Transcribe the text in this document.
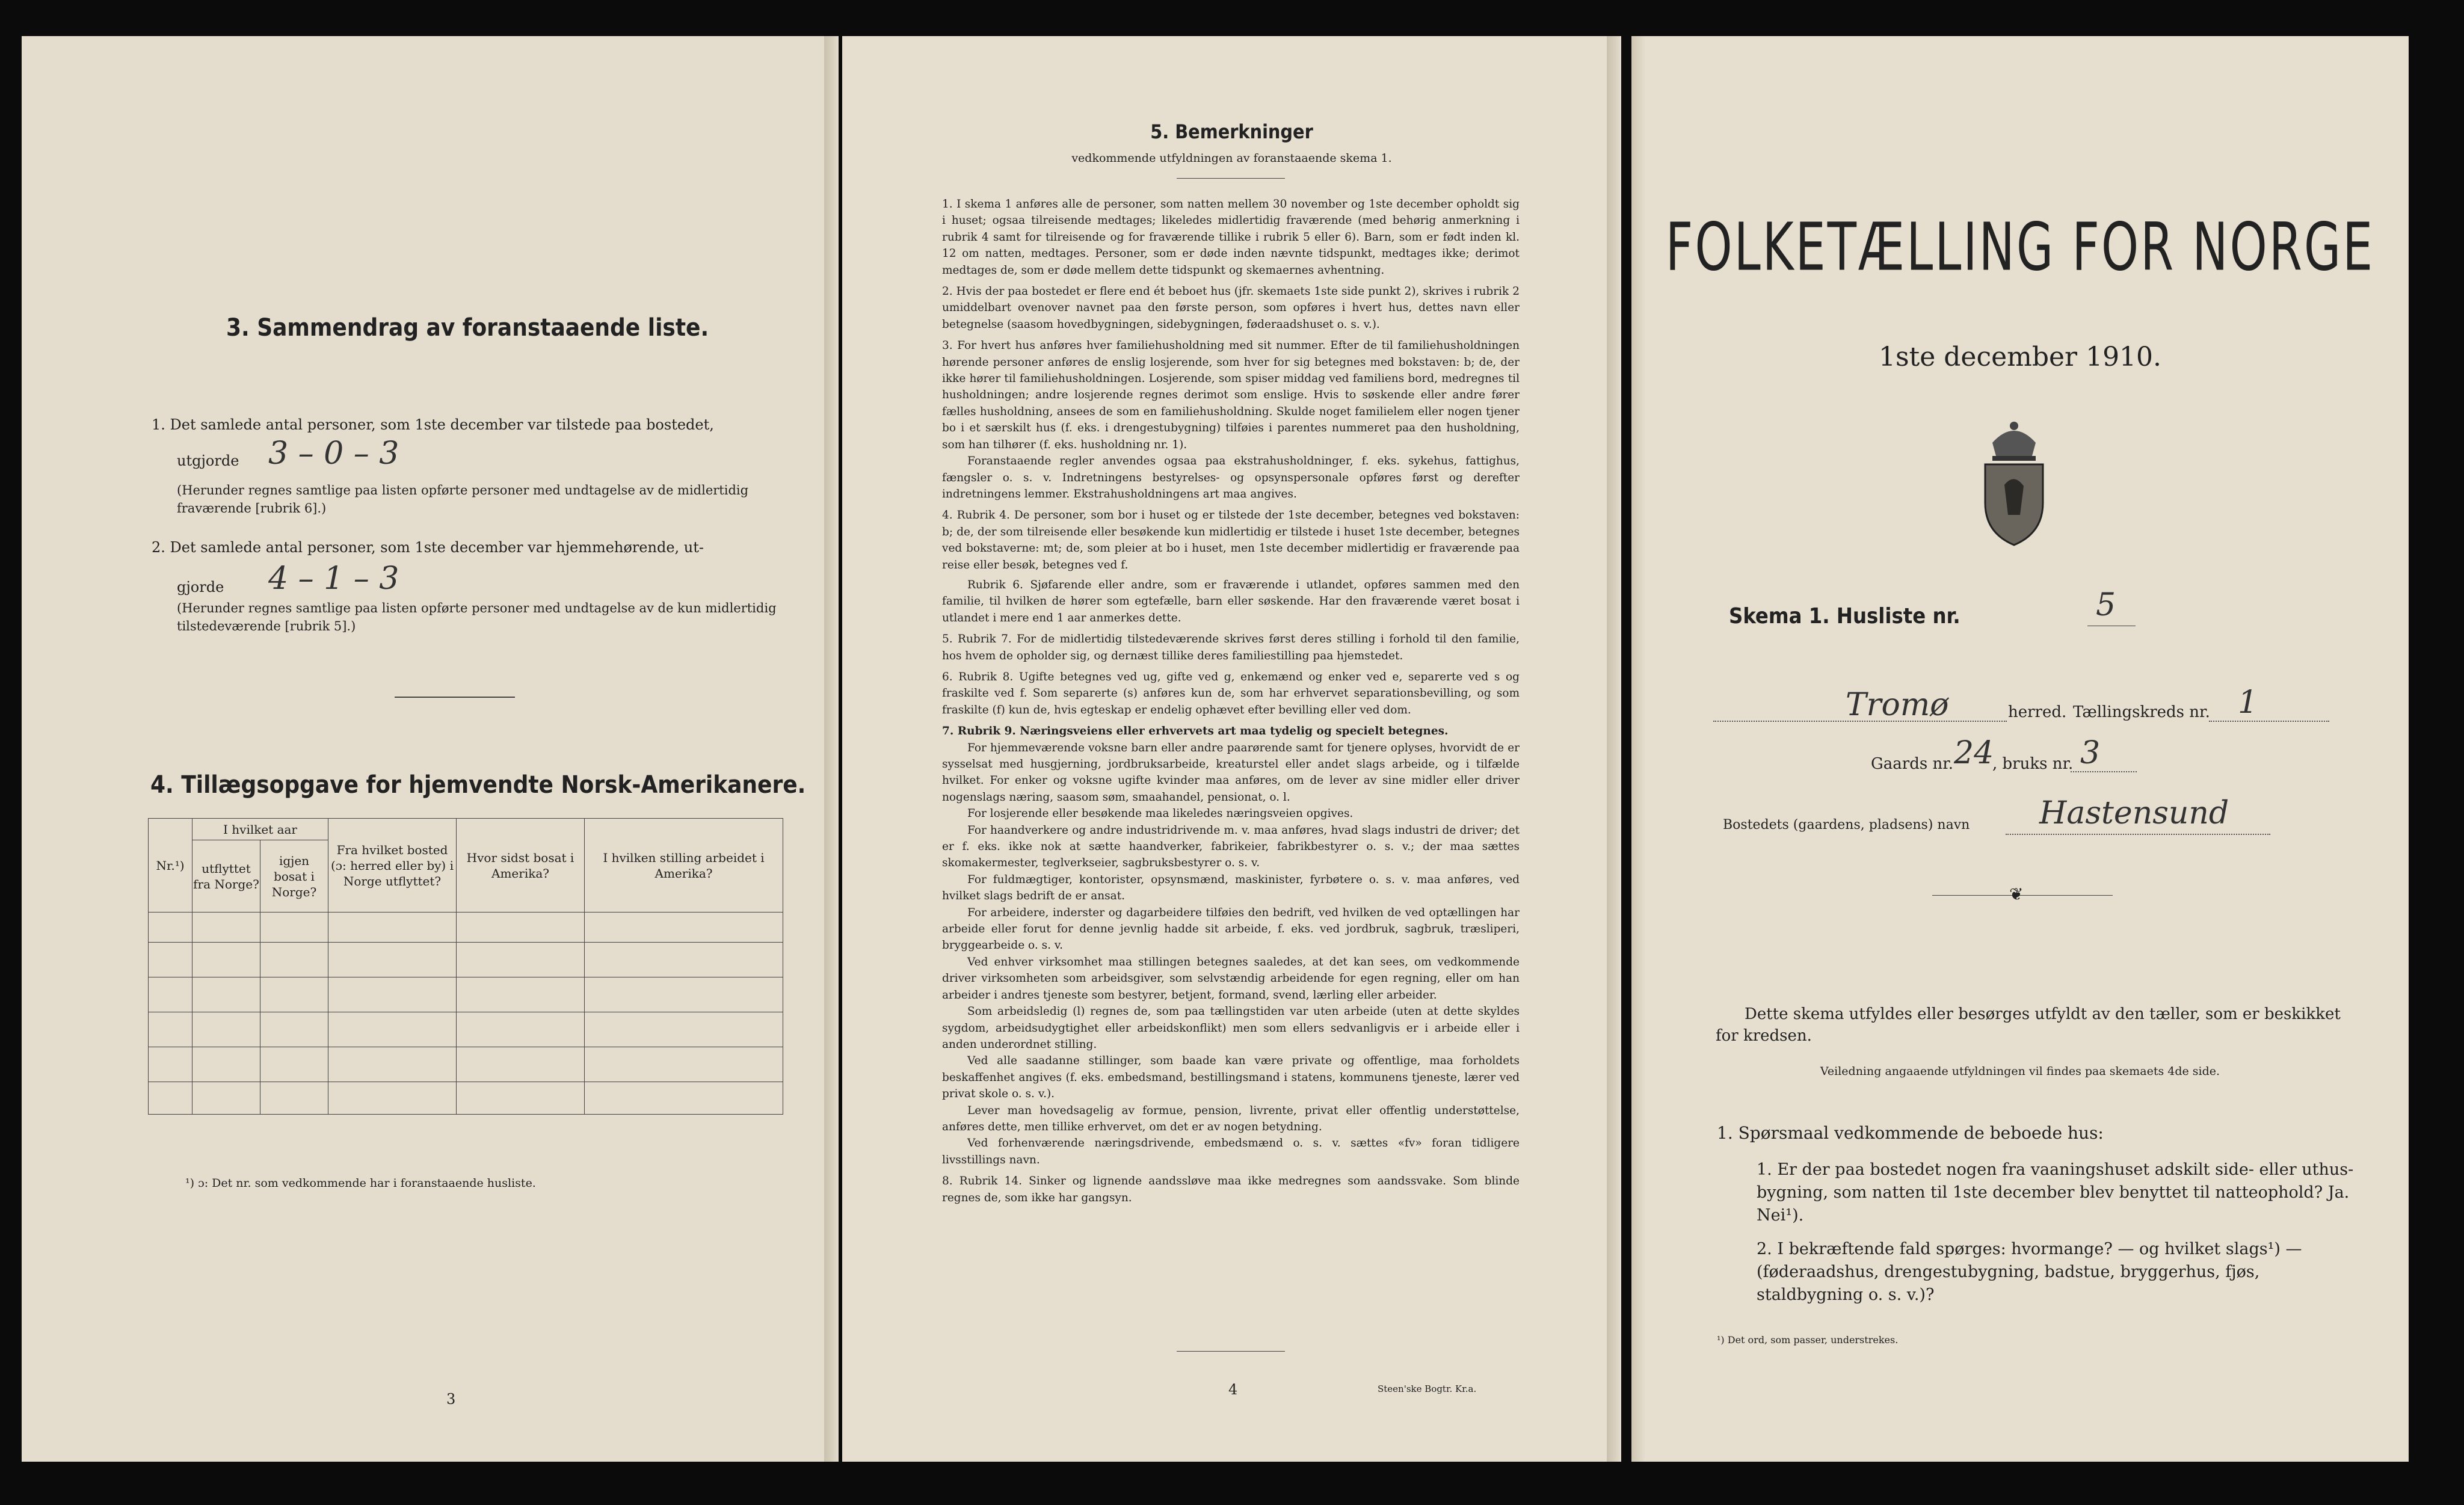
3. Sammendrag av foranstaaende liste.
1. Det samlede antal personer, som 1ste december var tilstede paa bostedet,
utgjorde 3 – 0 – 3
(Herunder regnes samtlige paa listen opførte personer med undtagelse av de midlertidig fraværende [rubrik 6].)
2. Det samlede antal personer, som 1ste december var hjemmehørende, ut-
gjorde 4 – 1 – 3
(Herunder regnes samtlige paa listen opførte personer med undtagelse av de kun midlertidig tilstedeværende [rubrik 5].)
4. Tillægsopgave for hjemvendte Norsk-Amerikanere.
Nr.¹)	I hvilket aar		Fra hvilket bosted (ɔ: herred eller by) i Norge utflyttet?	Hvor sidst bosat i Amerika?	I hvilken stilling arbeidet i Amerika?
	utflyttet fra Norge?	igjen bosat i Norge?			

¹) ɔ: Det nr. som vedkommende har i foranstaaende husliste.
3
5. Bemerkninger
vedkommende utfyldningen av foranstaaende skema 1.

1. I skema 1 anføres alle de personer, som natten mellem 30 november og 1ste december opholdt sig i huset; ogsaa tilreisende medtages; likeledes midlertidig fraværende (med behørig anmerkning i rubrik 4 samt for tilreisende og for fraværende tillike i rubrik 5 eller 6). Barn, som er født inden kl. 12 om natten, medtages. Personer, som er døde inden nævnte tidspunkt, medtages ikke; derimot medtages de, som er døde mellem dette tidspunkt og skemaernes avhentning.

2. Hvis der paa bostedet er flere end ét beboet hus (jfr. skemaets 1ste side punkt 2), skrives i rubrik 2 umiddelbart ovenover navnet paa den første person, som opføres i hvert hus, dettes navn eller betegnelse (saasom hovedbygningen, sidebygningen, føderaadshuset o. s. v.).

3. For hvert hus anføres hver familiehusholdning med sit nummer. Efter de til familiehusholdningen hørende personer anføres de enslig losjerende, som hver for sig betegnes med bokstaven: b; de, der ikke hører til familiehusholdningen. Losjerende, som spiser middag ved familiens bord, medregnes til husholdningen; andre losjerende regnes derimot som enslige. Hvis to søskende eller andre fører fælles husholdning, ansees de som en familiehusholdning. Skulde noget familielem eller nogen tjener bo i et særskilt hus (f. eks. i drengestubygning) tilføies i parentes nummeret paa den husholdning, som han tilhører (f. eks. husholdning nr. 1).

Foranstaaende regler anvendes ogsaa paa ekstrahusholdninger, f. eks. sykehus, fattighus, fængsler o. s. v. Indretningens bestyrelses- og opsynspersonale opføres først og derefter indretningens lemmer. Ekstrahusholdningens art maa angives.

4. Rubrik 4. De personer, som bor i huset og er tilstede der 1ste december, betegnes ved bokstaven: b; de, der som tilreisende eller besøkende kun midlertidig er tilstede i huset 1ste december, betegnes ved bokstaverne: mt; de, som pleier at bo i huset, men 1ste december midlertidig er fraværende paa reise eller besøk, betegnes ved f.

Rubrik 6. Sjøfarende eller andre, som er fraværende i utlandet, opføres sammen med den familie, til hvilken de hører som egtefælle, barn eller søskende. Har den fraværende været bosat i utlandet i mere end 1 aar anmerkes dette.

5. Rubrik 7. For de midlertidig tilstedeværende skrives først deres stilling i forhold til den familie, hos hvem de opholder sig, og dernæst tillike deres familiestilling paa hjemstedet.

6. Rubrik 8. Ugifte betegnes ved ug, gifte ved g, enkemænd og enker ved e, separerte ved s og fraskilte ved f. Som separerte (s) anføres kun de, som har erhvervet separationsbevilling, og som fraskilte (f) kun de, hvis egteskap er endelig ophævet efter bevilling eller ved dom.

7. Rubrik 9. Næringsveiens eller erhvervets art maa tydelig og specielt betegnes.

For hjemmeværende voksne barn eller andre paarørende samt for tjenere oplyses, hvorvidt de er sysselsat med husgjerning, jordbruksarbeide, kreaturstel eller andet slags arbeide, og i tilfælde hvilket. For enker og voksne ugifte kvinder maa anføres, om de lever av sine midler eller driver nogenslags næring, saasom søm, smaahandel, pensionat, o. l.

For losjerende eller besøkende maa likeledes næringsveien opgives.

For haandverkere og andre industridrivende m. v. maa anføres, hvad slags industri de driver; det er f. eks. ikke nok at sætte haandverker, fabrikeier, fabrikbestyrer o. s. v.; der maa sættes skomakermester, teglverkseier, sagbruksbestyrer o. s. v.

For fuldmægtiger, kontorister, opsynsmænd, maskinister, fyrbøtere o. s. v. maa anføres, ved hvilket slags bedrift de er ansat.

For arbeidere, inderster og dagarbeidere tilføies den bedrift, ved hvilken de ved optællingen har arbeide eller forut for denne jevnlig hadde sit arbeide, f. eks. ved jordbruk, sagbruk, træsliperi, bryggearbeide o. s. v.

Ved enhver virksomhet maa stillingen betegnes saaledes, at det kan sees, om vedkommende driver virksomheten som arbeidsgiver, som selvstændig arbeidende for egen regning, eller om han arbeider i andres tjeneste som bestyrer, betjent, formand, svend, lærling eller arbeider.

Som arbeidsledig (l) regnes de, som paa tællingstiden var uten arbeide (uten at dette skyldes sygdom, arbeidsudygtighet eller arbeidskonflikt) men som ellers sedvanligvis er i arbeide eller i anden underordnet stilling.

Ved alle saadanne stillinger, som baade kan være private og offentlige, maa forholdets beskaffenhet angives (f. eks. embedsmand, bestillingsmand i statens, kommunens tjeneste, lærer ved privat skole o. s. v.).

Lever man hovedsagelig av formue, pension, livrente, privat eller offentlig understøttelse, anføres dette, men tillike erhvervet, om det er av nogen betydning.

Ved forhenværende næringsdrivende, embedsmænd o. s. v. sættes «fv» foran tidligere livsstillings navn.

8. Rubrik 14. Sinker og lignende aandssløve maa ikke medregnes som aandssvake. Som blinde regnes de, som ikke har gangsyn.

4	Steen'ske Bogtr. Kr.a.
FOLKETÆLLING FOR NORGE
1ste december 1910.
Skema 1. Husliste nr.	5
Tromø	herred. Tællingskreds nr. 1
Gaards nr. 24
, bruks nr. 3
Bostedets (gaardens, pladsens) navn Hastensund
❦
Dette skema utfyldes eller besørges utfyldt av den tæller, som er beskikket for kredsen.
Veiledning angaaende utfyldningen vil findes paa skemaets 4de side.
1. Spørsmaal vedkommende de beboede hus:
1. Er der paa bostedet nogen fra vaaningshuset adskilt side- eller uthus-bygning, som natten til 1ste december blev benyttet til natteophold? Ja. Nei¹).
2. I bekræftende fald spørges: hvormange? — og hvilket slags¹) — (føderaadshus, drengestubygning, badstue, bryggerhus, fjøs, staldbygning o. s. v.)?
¹) Det ord, som passer, understrekes.
